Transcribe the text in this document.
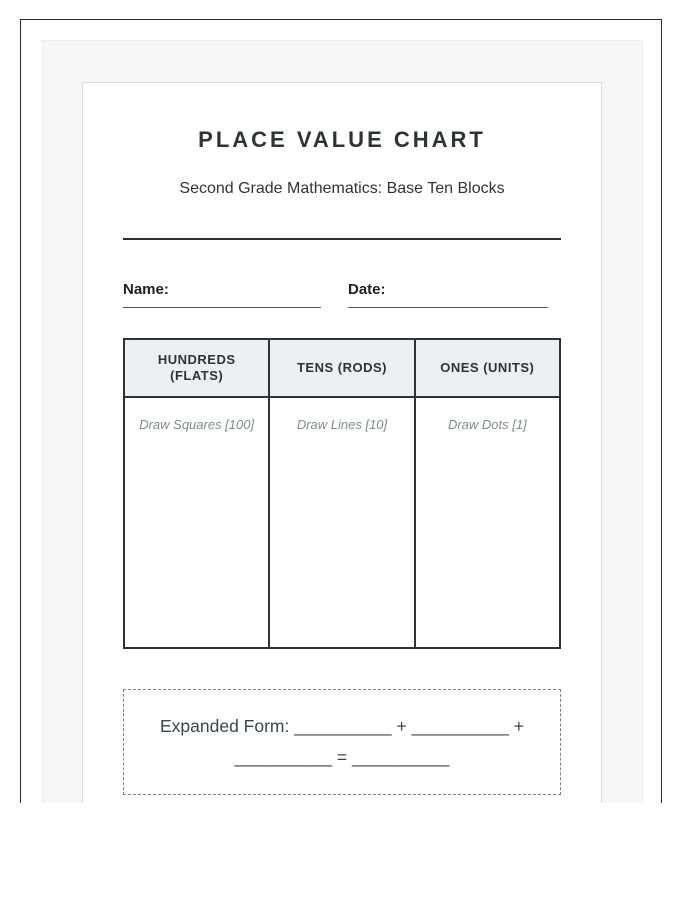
PLACE VALUE CHART
Second Grade Mathematics: Base Ten Blocks
Name:	Date:
HUNDREDS (FLATS)	TENS (RODS)	ONES (UNITS)
Draw Squares [100]	Draw Lines [10]	Draw Dots [1]
Expanded Form: __________ + __________ + __________ = __________
